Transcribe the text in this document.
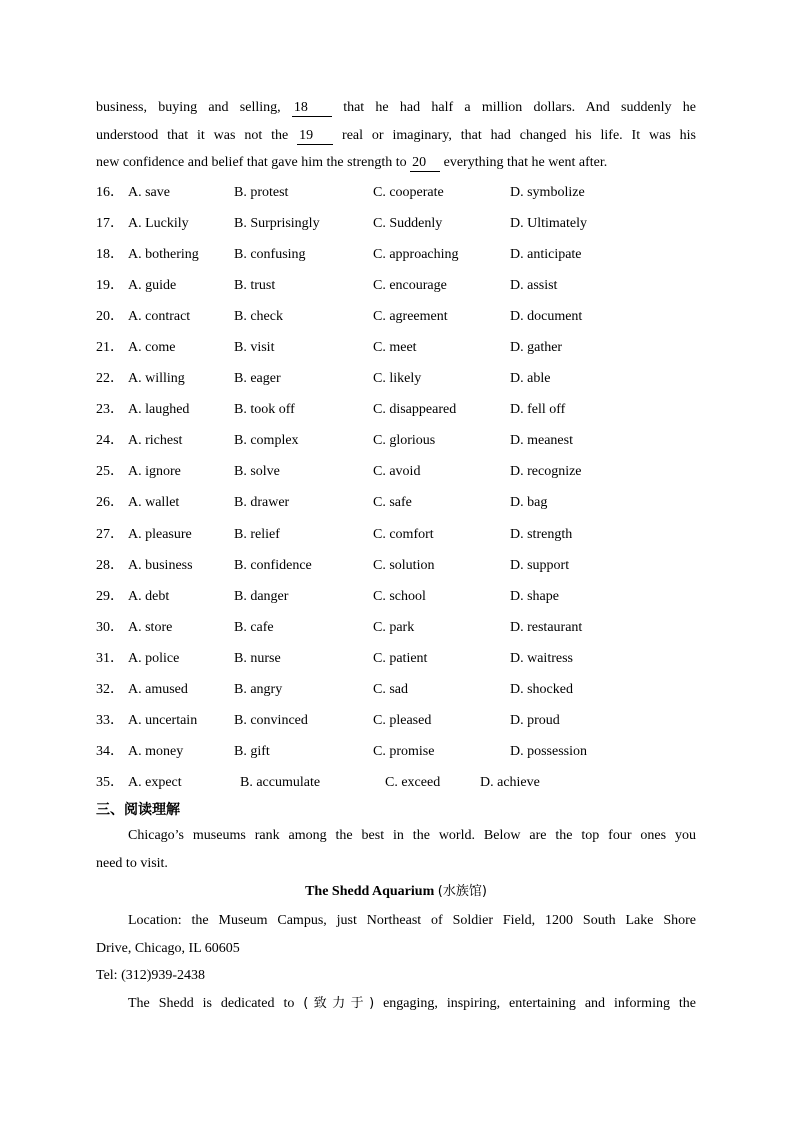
business, buying and selling, 18	that he had half a million dollars. And suddenly he
understood that it was not the 19 real or imaginary, that had changed his life. It was his
new confidence and belief that gave him the strength to 20 everything that he went after.
16． A. save	B. protest	C. cooperate	D. symbolize
17． A. Luckily	B. Surprisingly	C. Suddenly	D. Ultimately
18． A. bothering	B. confusing	C. approaching	D. anticipate
19． A. guide	B. trust	C. encourage	D. assist
20． A. contract	B. check	C. agreement	D. document
21． A. come	B. visit	C. meet	D. gather
22． A. willing	B. eager	C. likely	D. able
23． A. laughed	B. took off	C. disappeared	D. fell off
24． A. richest	B. complex	C. glorious	D. meanest
25． A. ignore	B. solve	C. avoid	D. recognize
26． A. wallet	B. drawer	C. safe	D. bag
27． A. pleasure	B. relief	C. comfort	D. strength
28． A. business	B. confidence	C. solution	D. support
29． A. debt	B. danger	C. school	D. shape
30． A. store	B. cafe	C. park	D. restaurant
31． A. police	B. nurse	C. patient	D. waitress
32． A. amused	B. angry	C. sad	D. shocked
33． A. uncertain	B. convinced	C. pleased	D. proud
34． A. money	B. gift	C. promise	D. possession
35． A. expect	B. accumulate	C. exceed	D. achieve
三、阅读理解
Chicago’s museums rank among the best in the world. Below are the top four ones you
need to visit.
The Shedd Aquarium (水族馆)
Location: the Museum Campus, just Northeast of Soldier Field, 1200 South Lake Shore
Drive, Chicago, IL 60605
Tel: (312)939-2438
The Shedd is dedicated to (致力于) engaging, inspiring, entertaining and informing the
